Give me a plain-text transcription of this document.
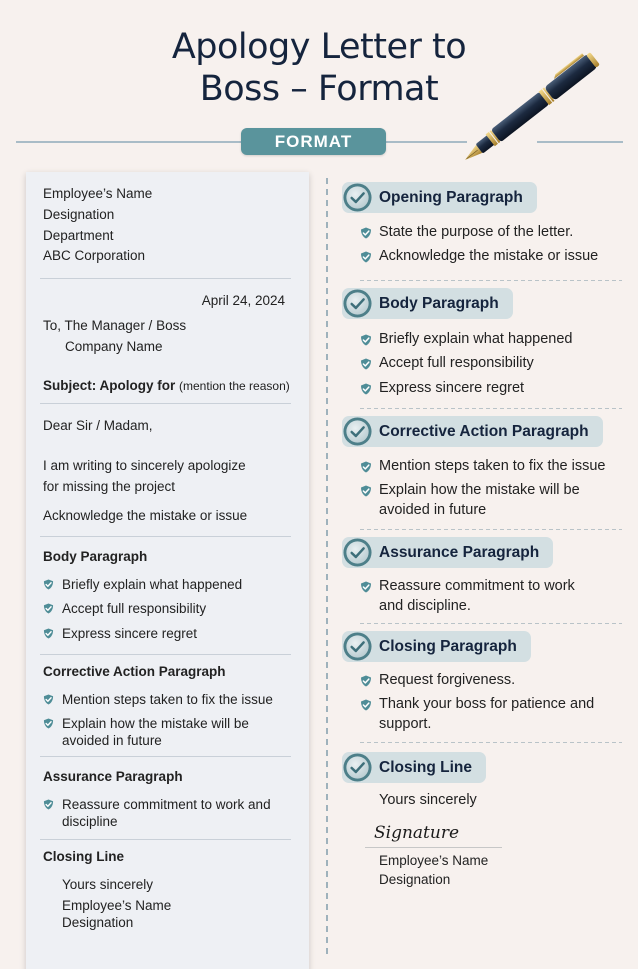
Apology Letter to
Boss – Format
FORMAT
Employee’s Name
Designation
Department
ABC Corporation
April 24, 2024
To, The Manager / Boss
Company Name
Subject: Apology for (mention the reason)
Dear Sir / Madam,
I am writing to sincerely apologize
for missing the project
Acknowledge the mistake or issue
Body Paragraph
Briefly explain what happened
Accept full responsibility
Express sincere regret
Corrective Action Paragraph
Mention steps taken to fix the issue
Explain how the mistake will be avoided in future
Assurance Paragraph
Reassure commitment to work and discipline
Closing Line
Yours sincerely
Employee’s Name
Designation
Opening Paragraph
State the purpose of the letter.
Acknowledge the mistake or issue
Body Paragraph
Briefly explain what happened
Accept full responsibility
Express sincere regret
Corrective Action Paragraph
Mention steps taken to fix the issue
Explain how the mistake will be avoided in future
Assurance Paragraph
Reassure commitment to work and discipline.
Closing Paragraph
Request forgiveness.
Thank your boss for patience and support.
Closing Line
Yours sincerely
Signature
Employee’s Name
Designation
